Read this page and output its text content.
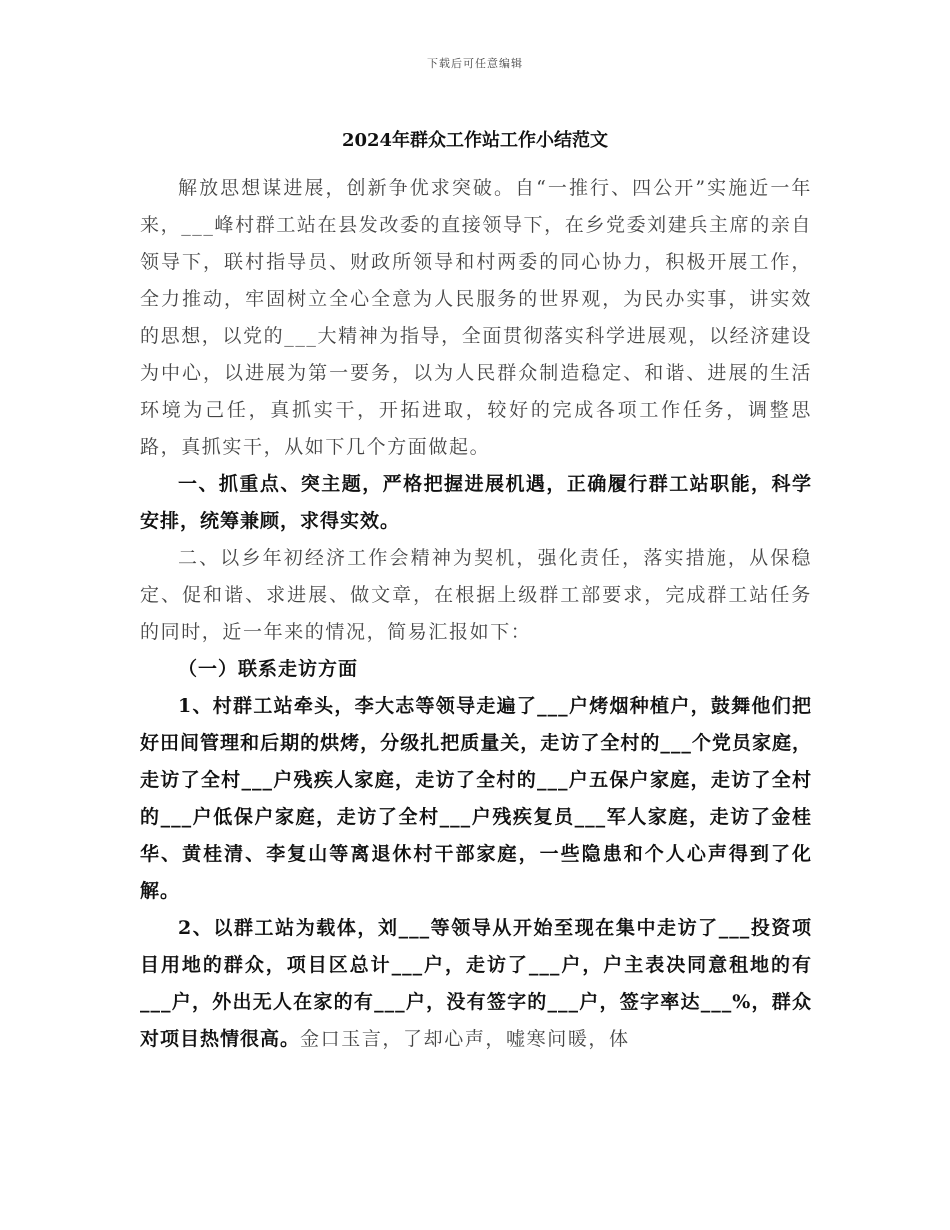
下载后可任意编辑
2024年群众工作站工作小结范文

解放思想谋进展，创新争优求突破。自“一推行、四公开”实施近一年来，___峰村群工站在县发改委的直接领导下，在乡党委刘建兵主席的亲自领导下，联村指导员、财政所领导和村两委的同心协力，积极开展工作，全力推动，牢固树立全心全意为人民服务的世界观，为民办实事，讲实效的思想，以党的___大精神为指导，全面贯彻落实科学进展观，以经济建设为中心，以进展为第一要务，以为人民群众制造稳定、和谐、进展的生活环境为己任，真抓实干，开拓进取，较好的完成各项工作任务，调整思路，真抓实干，从如下几个方面做起。

一、抓重点、突主题，严格把握进展机遇，正确履行群工站职能，科学安排，统筹兼顾，求得实效。

二、以乡年初经济工作会精神为契机，强化责任，落实措施，从保稳定、促和谐、求进展、做文章，在根据上级群工部要求，完成群工站任务的同时，近一年来的情况，简易汇报如下：

（一）联系走访方面

1、村群工站牵头，李大志等领导走遍了___户烤烟种植户，鼓舞他们把好田间管理和后期的烘烤，分级扎把质量关，走访了全村的___个党员家庭，走访了全村___户残疾人家庭，走访了全村的___户五保户家庭，走访了全村的___户低保户家庭，走访了全村___户残疾复员___军人家庭，走访了金桂华、黄桂清、李复山等离退休村干部家庭，一些隐患和个人心声得到了化解。

2、以群工站为载体，刘___等领导从开始至现在集中走访了___投资项目用地的群众，项目区总计___户，走访了___户，户主表决同意租地的有___户，外出无人在家的有___户，没有签字的___户，签字率达___%，群众对项目热情很高。金口玉言，了却心声，嘘寒问暖，体
